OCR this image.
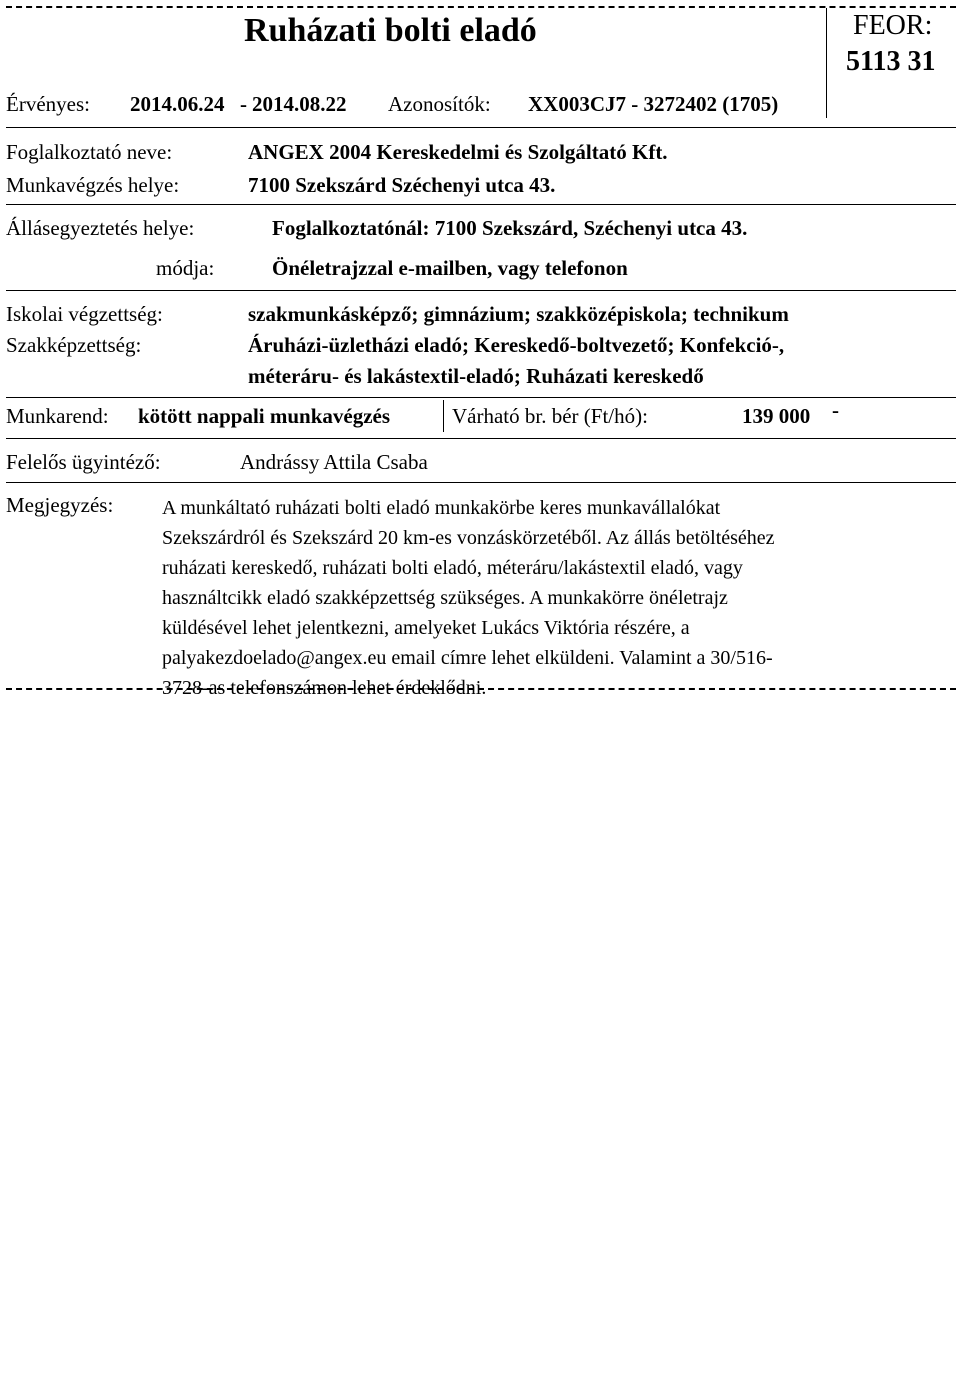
Ruházati bolti eladó	FEOR:
5113 31
Érvényes: 2014.06.24 - 2014.08.22 Azonosítók: XX003CJ7 - 3272402 (1705)
Foglalkoztató neve:	ANGEX 2004 Kereskedelmi és Szolgáltató Kft.
Munkavégzés helye:	7100 Szekszárd Széchenyi utca 43.
Állásegyeztetés helye:	Foglalkoztatónál: 7100 Szekszárd, Széchenyi utca 43.
módja:	Önéletrajzzal e-mailben, vagy telefonon
Iskolai végzettség:	szakmunkásképző; gimnázium; szakközépiskola; technikum
Szakképzettség:	Áruházi-üzletházi eladó; Kereskedő-boltvezető; Konfekció-,
méteráru- és lakástextil-eladó; Ruházati kereskedő
Munkarend: kötött nappali munkavégzés	Várható br. bér (Ft/hó):	139 000 -
Felelős ügyintéző:	Andrássy Attila Csaba
Megjegyzés: A munkáltató ruházati bolti eladó munkakörbe keres munkavállalókat
Szekszárdról és Szekszárd 20 km-es vonzáskörzetéből. Az állás betöltéséhez
ruházati kereskedő, ruházati bolti eladó, méteráru/lakástextil eladó, vagy
használtcikk eladó szakképzettség szükséges. A munkakörre önéletrajz
küldésével lehet jelentkezni, amelyeket Lukács Viktória részére, a
palyakezdoelado@angex.eu email címre lehet elküldeni. Valamint a 30/516-
3728-as telefonszámon lehet érdeklődni.
